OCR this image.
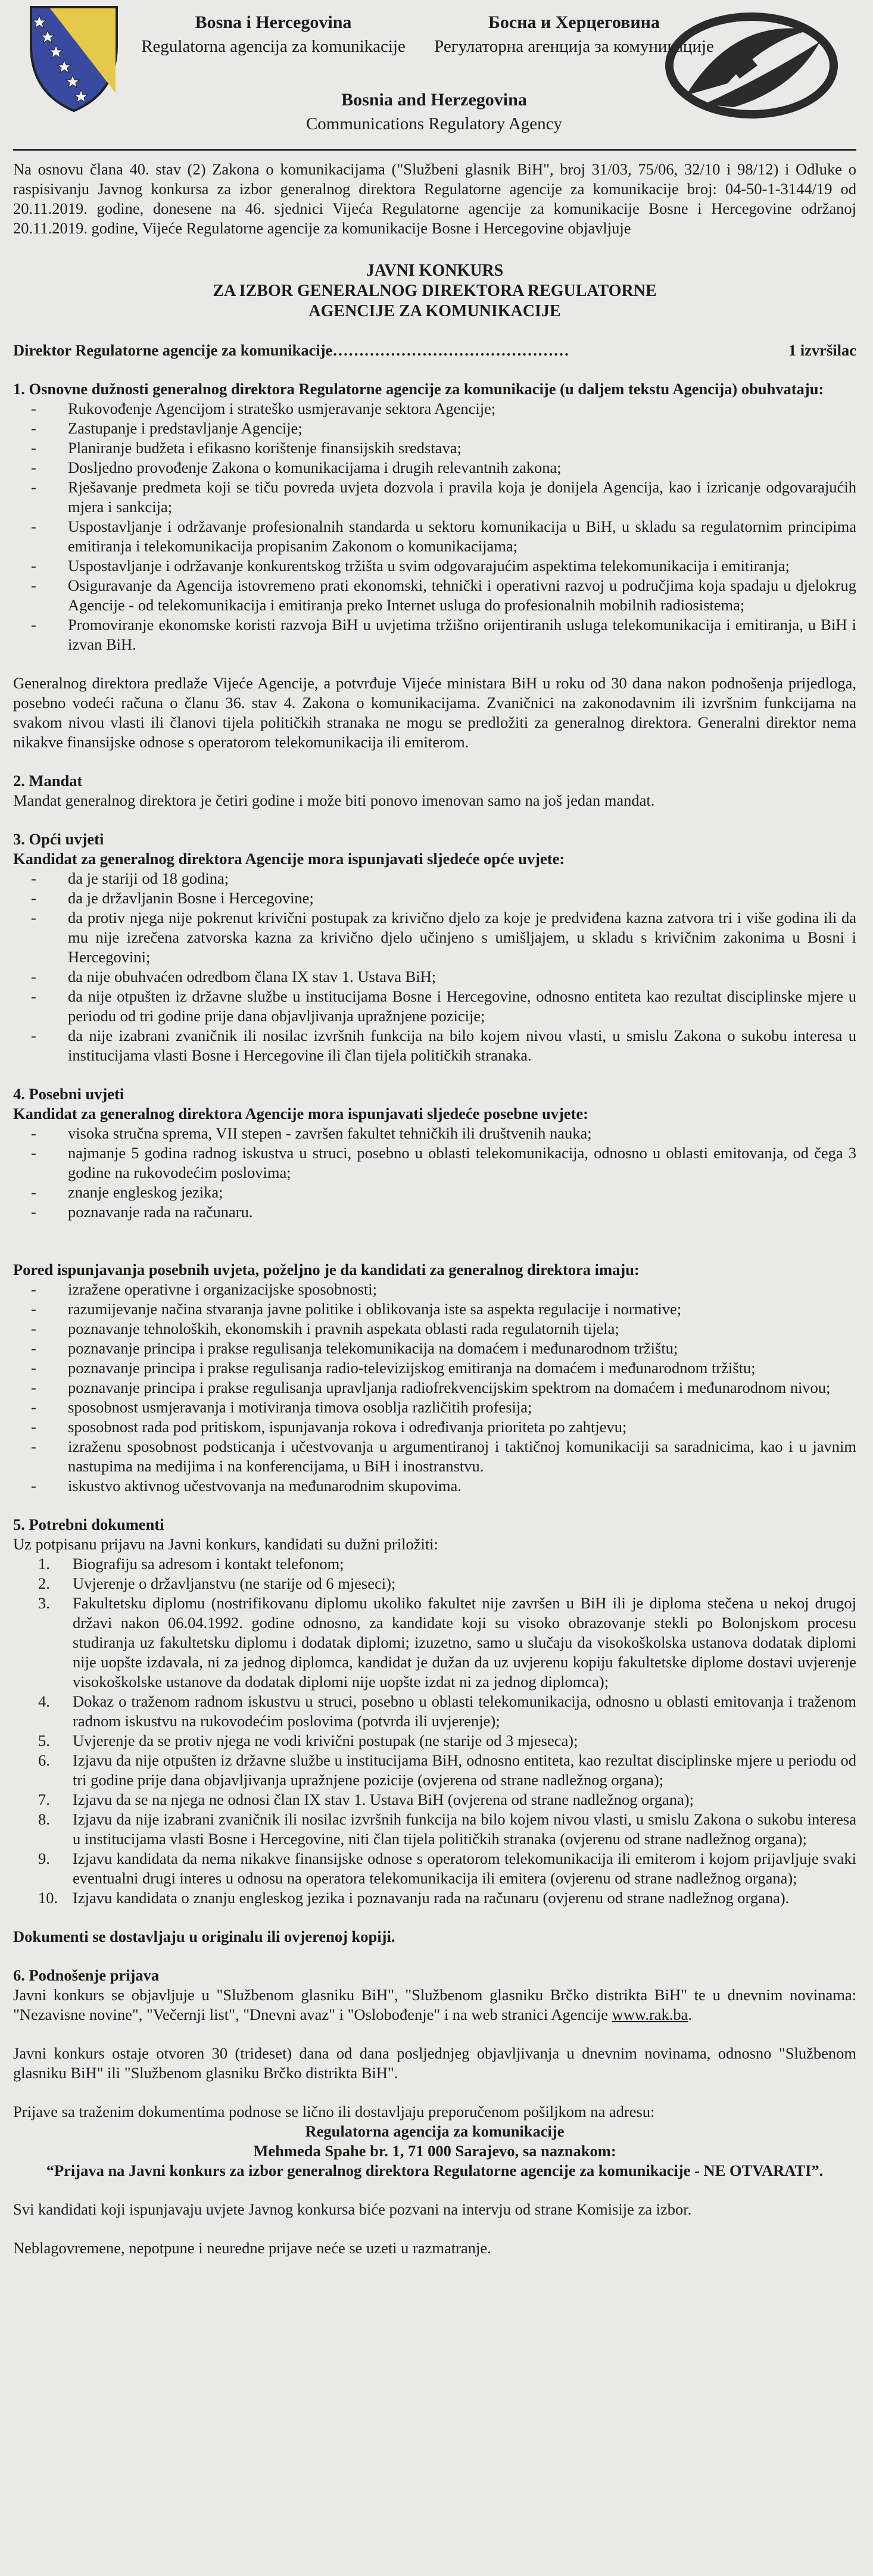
Bosna i Hercegovina
Regulatorna agencija za komunikacije
Босна и Херцеговина
Регулаторна агенција за комуникације
Bosnia and Herzegovina
Communications Regulatory Agency

Na osnovu člana 40. stav (2) Zakona o komunikacijama ("Službeni glasnik BiH", broj 31/03, 75/06, 32/10 i 98/12) i Odluke o raspisivanju Javnog konkursa za izbor generalnog direktora Regulatorne agencije za komunikacije broj: 04-50-1-3144/19 od 20.11.2019. godine, donesene na 46. sjednici Vijeća Regulatorne agencije za komunikacije Bosne i Hercegovine održanoj 20.11.2019. godine, Vijeće Regulatorne agencije za komunikacije Bosne i Hercegovine objavljuje

JAVNI KONKURS
ZA IZBOR GENERALNOG DIREKTORA REGULATORNE
AGENCIJE ZA KOMUNIKACIJE
Direktor Regulatorne agencije za komunikacije………………………………………	1 izvršilac

1. Osnovne dužnosti generalnog direktora Regulatorne agencije za komunikacije (u daljem tekstu Agencija) obuhvataju:

- Rukovođenje Agencijom i strateško usmjeravanje sektora Agencije;
- Zastupanje i predstavljanje Agencije;
- Planiranje budžeta i efikasno korištenje finansijskih sredstava;
- Dosljedno provođenje Zakona o komunikacijama i drugih relevantnih zakona;
- Rješavanje predmeta koji se tiču povreda uvjeta dozvola i pravila koja je donijela Agencija, kao i izricanje odgovarajućih mjera i sankcija;
- Uspostavljanje i održavanje profesionalnih standarda u sektoru komunikacija u BiH, u skladu sa regulatornim principima emitiranja i telekomunikacija propisanim Zakonom o komunikacijama;
- Uspostavljanje i održavanje konkurentskog tržišta u svim odgovarajućim aspektima telekomunikacija i emitiranja;
- Osiguravanje da Agencija istovremeno prati ekonomski, tehnički i operativni razvoj u područjima koja spadaju u djelokrug Agencije - od telekomunikacija i emitiranja preko Internet usluga do profesionalnih mobilnih radiosistema;
- Promoviranje ekonomske koristi razvoja BiH u uvjetima tržišno orijentiranih usluga telekomunikacija i emitiranja, u BiH i izvan BiH.

Generalnog direktora predlaže Vijeće Agencije, a potvrđuje Vijeće ministara BiH u roku od 30 dana nakon podnošenja prijedloga, posebno vodeći računa o članu 36. stav 4. Zakona o komunikacijama. Zvaničnici na zakonodavnim ili izvršnim funkcijama na svakom nivou vlasti ili članovi tijela političkih stranaka ne mogu se predložiti za generalnog direktora. Generalni direktor nema nikakve finansijske odnose s operatorom telekomunikacija ili emiterom.

2. Mandat

Mandat generalnog direktora je četiri godine i može biti ponovo imenovan samo na još jedan mandat.

3. Opći uvjeti

Kandidat za generalnog direktora Agencije mora ispunjavati sljedeće opće uvjete:

- da je stariji od 18 godina;
- da je državljanin Bosne i Hercegovine;
- da protiv njega nije pokrenut krivični postupak za krivično djelo za koje je predviđena kazna zatvora tri i više godina ili da mu nije izrečena zatvorska kazna za krivično djelo učinjeno s umišljajem, u skladu s krivičnim zakonima u Bosni i Hercegovini;
- da nije obuhvaćen odredbom člana IX stav 1. Ustava BiH;
- da nije otpušten iz državne službe u institucijama Bosne i Hercegovine, odnosno entiteta kao rezultat disciplinske mjere u periodu od tri godine prije dana objavljivanja upražnjene pozicije;
- da nije izabrani zvaničnik ili nosilac izvršnih funkcija na bilo kojem nivou vlasti, u smislu Zakona o sukobu interesa u institucijama vlasti Bosne i Hercegovine ili član tijela političkih stranaka.

4. Posebni uvjeti

Kandidat za generalnog direktora Agencije mora ispunjavati sljedeće posebne uvjete:

- visoka stručna sprema, VII stepen - završen fakultet tehničkih ili društvenih nauka;
- najmanje 5 godina radnog iskustva u struci, posebno u oblasti telekomunikacija, odnosno u oblasti emitovanja, od čega 3 godine na rukovodećim poslovima;
- znanje engleskog jezika;
- poznavanje rada na računaru.

Pored ispunjavanja posebnih uvjeta, poželjno je da kandidati za generalnog direktora imaju:

- izražene operativne i organizacijske sposobnosti;
- razumijevanje načina stvaranja javne politike i oblikovanja iste sa aspekta regulacije i normative;
- poznavanje tehnoloških, ekonomskih i pravnih aspekata oblasti rada regulatornih tijela;
- poznavanje principa i prakse regulisanja telekomunikacija na domaćem i međunarodnom tržištu;
- poznavanje principa i prakse regulisanja radio-televizijskog emitiranja na domaćem i međunarodnom tržištu;
- poznavanje principa i prakse regulisanja upravljanja radiofrekvencijskim spektrom na domaćem i međunarodnom nivou;
- sposobnost usmjeravanja i motiviranja timova osoblja različitih profesija;
- sposobnost rada pod pritiskom, ispunjavanja rokova i određivanja prioriteta po zahtjevu;
- izraženu sposobnost podsticanja i učestvovanja u argumentiranoj i taktičnoj komunikaciji sa saradnicima, kao i u javnim nastupima na medijima i na konferencijama, u BiH i inostranstvu.
- iskustvo aktivnog učestvovanja na međunarodnim skupovima.

5. Potrebni dokumenti

Uz potpisanu prijavu na Javni konkurs, kandidati su dužni priložiti:

1. Biografiju sa adresom i kontakt telefonom;
2. Uvjerenje o državljanstvu (ne starije od 6 mjeseci);
3. Fakultetsku diplomu (nostrifikovanu diplomu ukoliko fakultet nije završen u BiH ili je diploma stečena u nekoj drugoj državi nakon 06.04.1992. godine odnosno, za kandidate koji su visoko obrazovanje stekli po Bolonjskom procesu studiranja uz fakultetsku diplomu i dodatak diplomi; izuzetno, samo u slučaju da visokoškolska ustanova dodatak diplomi nije uopšte izdavala, ni za jednog diplomca, kandidat je dužan da uz uvjerenu kopiju fakultetske diplome dostavi uvjerenje visokoškolske ustanove da dodatak diplomi nije uopšte izdat ni za jednog diplomca);
4. Dokaz o traženom radnom iskustvu u struci, posebno u oblasti telekomunikacija, odnosno u oblasti emitovanja i traženom radnom iskustvu na rukovodećim poslovima (potvrda ili uvjerenje);
5. Uvjerenje da se protiv njega ne vodi krivični postupak (ne starije od 3 mjeseca);
6. Izjavu da nije otpušten iz državne službe u institucijama BiH, odnosno entiteta, kao rezultat disciplinske mjere u periodu od tri godine prije dana objavljivanja upražnjene pozicije (ovjerena od strane nadležnog organa);
7. Izjavu da se na njega ne odnosi član IX stav 1. Ustava BiH (ovjerena od strane nadležnog organa);
8. Izjavu da nije izabrani zvaničnik ili nosilac izvršnih funkcija na bilo kojem nivou vlasti, u smislu Zakona o sukobu interesa u institucijama vlasti Bosne i Hercegovine, niti član tijela političkih stranaka (ovjerenu od strane nadležnog organa);
9. Izjavu kandidata da nema nikakve finansijske odnose s operatorom telekomunikacija ili emiterom i kojom prijavljuje svaki eventualni drugi interes u odnosu na operatora telekomunikacija ili emitera (ovjerenu od strane nadležnog organa);
10. Izjavu kandidata o znanju engleskog jezika i poznavanju rada na računaru (ovjerenu od strane nadležnog organa).

Dokumenti se dostavljaju u originalu ili ovjerenoj kopiji.

6. Podnošenje prijava

Javni konkurs se objavljuje u "Službenom glasniku BiH", "Službenom glasniku Brčko distrikta BiH" te u dnevnim novinama: "Nezavisne novine", "Večernji list", "Dnevni avaz" i "Oslobođenje" i na web stranici Agencije www.rak.ba.

Javni konkurs ostaje otvoren 30 (trideset) dana od dana posljednjeg objavljivanja u dnevnim novinama, odnosno "Službenom glasniku BiH" ili "Službenom glasniku Brčko distrikta BiH".

Prijave sa traženim dokumentima podnose se lično ili dostavljaju preporučenom pošiljkom na adresu:

Regulatorna agencija za komunikacije
Mehmeda Spahe br. 1, 71 000 Sarajevo, sa naznakom:
“Prijava na Javni konkurs za izbor generalnog direktora Regulatorne agencije za komunikacije - NE OTVARATI”.

Svi kandidati koji ispunjavaju uvjete Javnog konkursa biće pozvani na intervju od strane Komisije za izbor.

Neblagovremene, nepotpune i neuredne prijave neće se uzeti u razmatranje.
